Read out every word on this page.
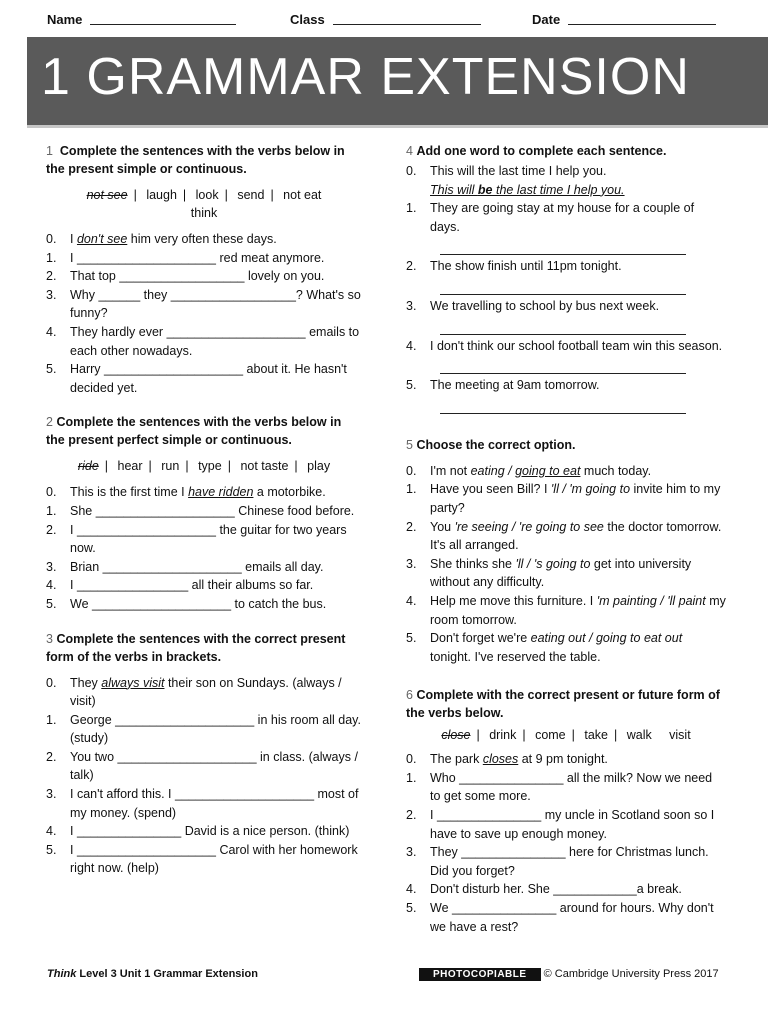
Name	Class	Date
1 GRAMMAR EXTENSION

1 Complete the sentences with the verbs below in the present simple or continuous.

not see | laugh | look | send | not eat
think

0. I don't see him very often these days.
1. I ____________________ red meat anymore.
2. That top __________________ lovely on you.
3. Why ______ they __________________? What's so funny?
4. They hardly ever ____________________ emails to each other nowadays.
5. Harry ____________________ about it. He hasn't decided yet.

2 Complete the sentences with the verbs below in the present perfect simple or continuous.

ride | hear | run | type | not taste | play

0. This is the first time I have ridden a motorbike.
1. She ____________________ Chinese food before.
2. I ____________________ the guitar for two years now.
3. Brian ____________________ emails all day.
4. I ________________ all their albums so far.
5. We ____________________ to catch the bus.

3 Complete the sentences with the correct present form of the verbs in brackets.

0. They always visit their son on Sundays. (always / visit)
1. George ____________________ in his room all day. (study)
2. You two ____________________ in class. (always / talk)
3. I can't afford this. I ____________________ most of my money. (spend)
4. I _______________ David is a nice person. (think)
5. I ____________________ Carol with her homework right now. (help)

4 Add one word to complete each sentence.

0. This will the last time I help you.
This will be the last time I help you.
1. They are going stay at my house for a couple of days.
2. The show finish until 11pm tonight.
3. We travelling to school by bus next week.
4. I don't think our school football team win this season.
5. The meeting at 9am tomorrow.

5 Choose the correct option.

0. I'm not eating / going to eat much today.
1. Have you seen Bill? I 'll / 'm going to invite him to my party?
2. You 're seeing / 're going to see the doctor tomorrow. It's all arranged.
3. She thinks she 'll / 's going to get into university without any difficulty.
4. Help me move this furniture. I 'm painting / 'll paint my room tomorrow.
5. Don't forget we're eating out / going to eat out tonight. I've reserved the table.

6 Complete with the correct present or future form of the verbs below.

close | drink | come | take | walk visit

0. The park closes at 9 pm tonight.
1. Who _______________ all the milk? Now we need to get some more.
2. I _______________ my uncle in Scotland soon so I have to save up enough money.
3. They _______________ here for Christmas lunch. Did you forget?
4. Don't disturb her. She ____________a break.
5. We _______________ around for hours. Why don't we have a rest?
Think Level 3 Unit 1 Grammar Extension	PHOTOCOPIABLE © Cambridge University Press 2017
